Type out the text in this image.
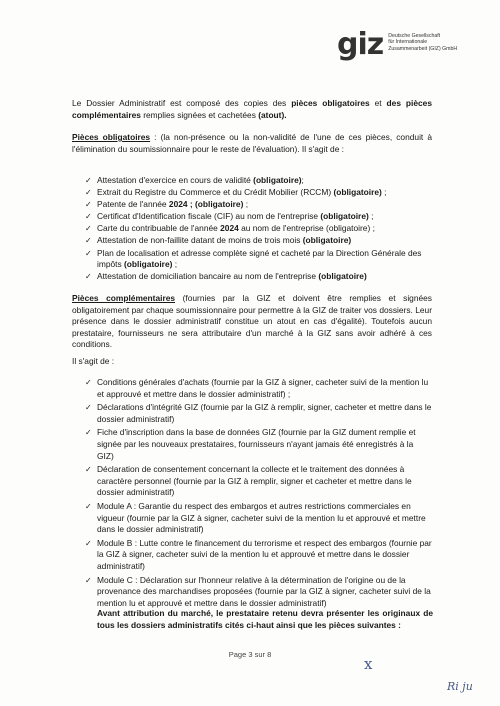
giz Deutsche Gesellschaft
für Internationale
Zusammenarbeit (GIZ) GmbH
Le Dossier Administratif est composé des copies des pièces obligatoires et des pièces complémentaires remplies signées et cachetées (atout).
Pièces obligatoires : (la non-présence ou la non-validité de l'une de ces pièces, conduit à l'élimination du soumissionnaire pour le reste de l'évaluation). Il s'agit de :
✓ Attestation d'exercice en cours de validité (obligatoire);
✓ Extrait du Registre du Commerce et du Crédit Mobilier (RCCM) (obligatoire) ;
✓ Patente de l'année 2024 ; (obligatoire) ;
✓ Certificat d'Identification fiscale (CIF) au nom de l'entreprise (obligatoire) ;
✓ Carte du contribuable de l'année 2024 au nom de l'entreprise (obligatoire) ;
✓ Attestation de non-faillite datant de moins de trois mois (obligatoire)
✓ Plan de localisation et adresse complète signé et cacheté par la Direction Générale des impôts (obligatoire) ;
✓ Attestation de domiciliation bancaire au nom de l'entreprise (obligatoire)
Pièces complémentaires (fournies par la GIZ et doivent être remplies et signées obligatoirement par chaque soumissionnaire pour permettre à la GIZ de traiter vos dossiers. Leur présence dans le dossier administratif constitue un atout en cas d'égalité). Toutefois aucun prestataire, fournisseurs ne sera attributaire d'un marché à la GIZ sans avoir adhéré à ces conditions.
Il s'agit de :
✓ Conditions générales d'achats (fournie par la GIZ à signer, cacheter suivi de la mention lu et approuvé et mettre dans le dossier administratif) ;
✓ Déclarations d'intégrité GIZ (fournie par la GIZ à remplir, signer, cacheter et mettre dans le dossier administratif)
✓ Fiche d'inscription dans la base de données GIZ (fournie par la GIZ dument remplie et signée par les nouveaux prestataires, fournisseurs n'ayant jamais été enregistrés à la GIZ)
✓ Déclaration de consentement concernant la collecte et le traitement des données à caractère personnel (fournie par la GIZ à remplir, signer et cacheter et mettre dans le dossier administratif)
✓ Module A : Garantie du respect des embargos et autres restrictions commerciales en vigueur (fournie par la GIZ à signer, cacheter suivi de la mention lu et approuvé et mettre dans le dossier administratif)
✓ Module B : Lutte contre le financement du terrorisme et respect des embargos (fournie par la GIZ à signer, cacheter suivi de la mention lu et approuvé et mettre dans le dossier administratif)
✓ Module C : Déclaration sur l'honneur relative à la détermination de l'origine ou de la provenance des marchandises proposées (fournie par la GIZ à signer, cacheter suivi de la mention lu et approuvé et mettre dans le dossier administratif)
Avant attribution du marché, le prestataire retenu devra présenter les originaux de tous les dossiers administratifs cités ci-haut ainsi que les pièces suivantes :
Page 3 sur 8
x
Ri ju
